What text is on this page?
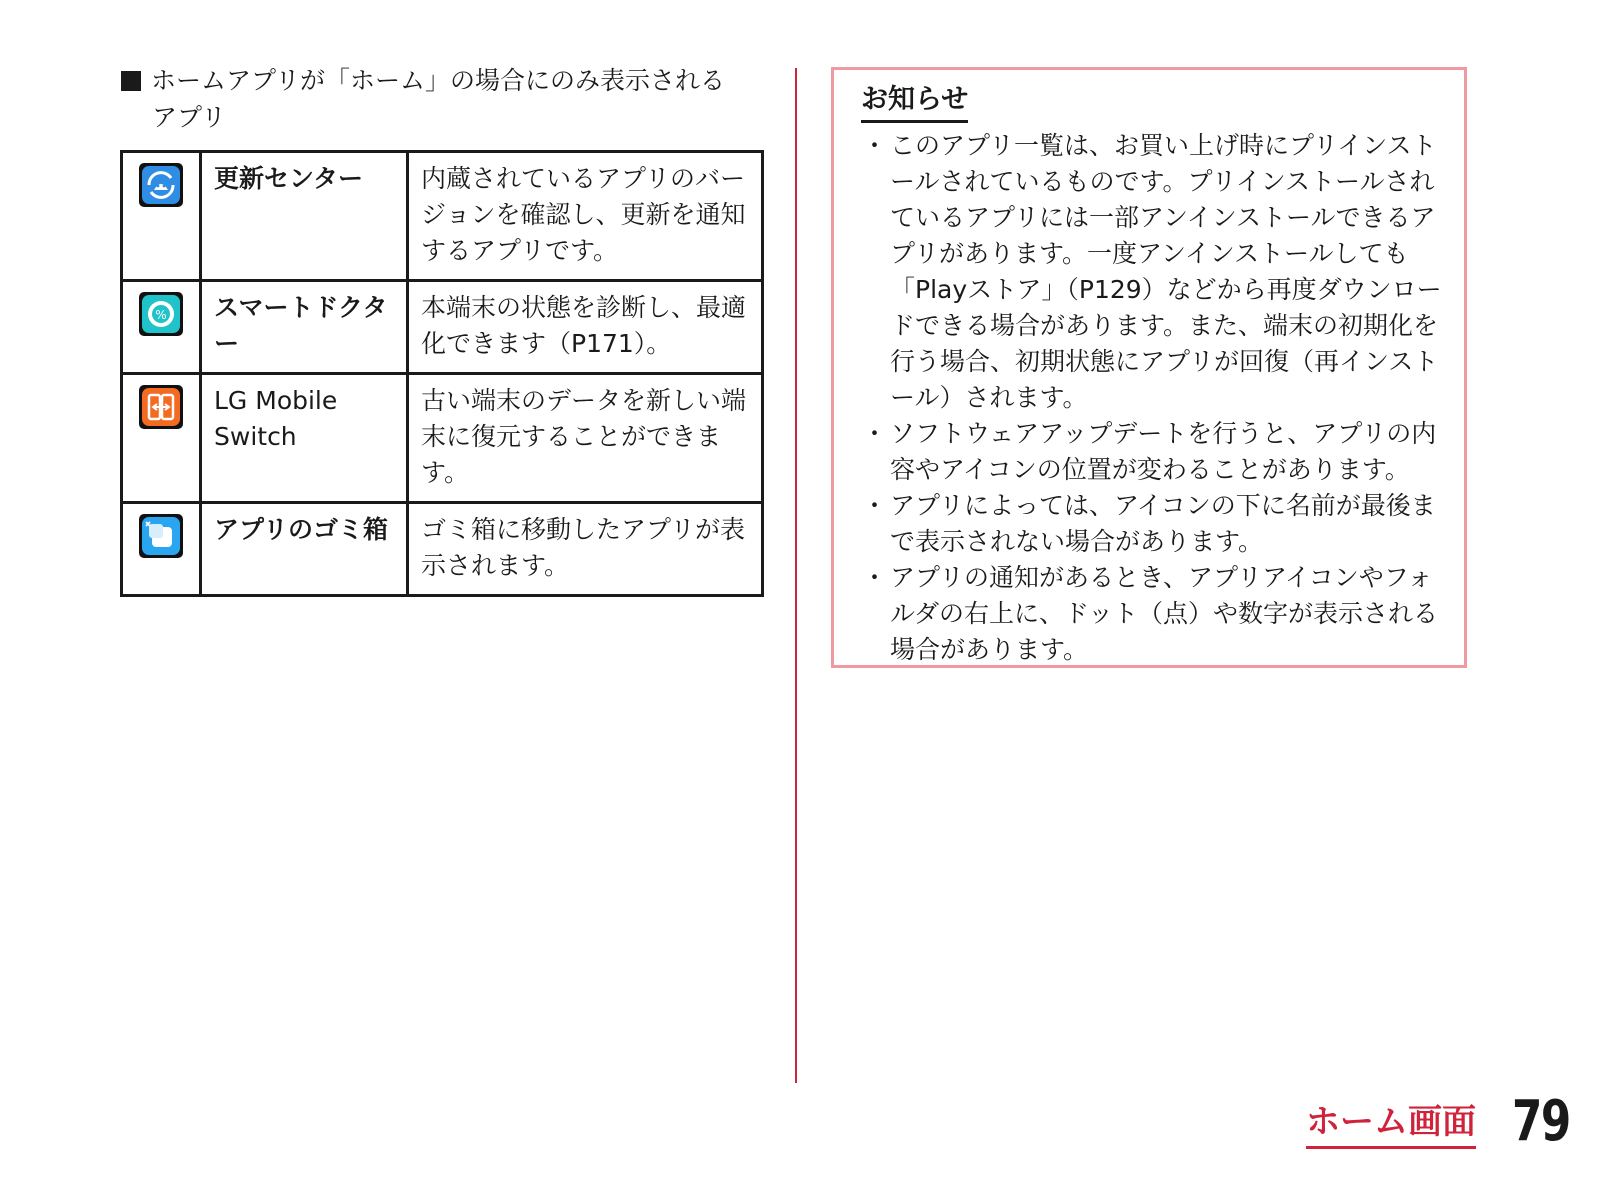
ホームアプリが「ホーム」の場合にのみ表示される
アプリ
	更新センター	内蔵されているアプリのバージョンを確認し、更新を通知するアプリです。

%	スマートドクター	本端末の状態を診断し、最適化できます（P171）。

	LG Mobile Switch	古い端末のデータを新しい端末に復元することができます。

	アプリのゴミ箱	ゴミ箱に移動したアプリが表示されます。
お知らせ
・ このアプリ一覧は、お買い上げ時にプリインストールされているものです。プリインストールされているアプリには一部アンインストールできるアプリがあります。一度アンインストールしても「Playストア」（P129）などから再度ダウンロードできる場合があります。また、端末の初期化を行う場合、初期状態にアプリが回復（再インストール）されます。
・ ソフトウェアアップデートを行うと、アプリの内容やアイコンの位置が変わることがあります。
・ アプリによっては、アイコンの下に名前が最後まで表示されない場合があります。
・ アプリの通知があるとき、アプリアイコンやフォルダの右上に、ドット（点）や数字が表示される場合があります。
ホーム画面 79
